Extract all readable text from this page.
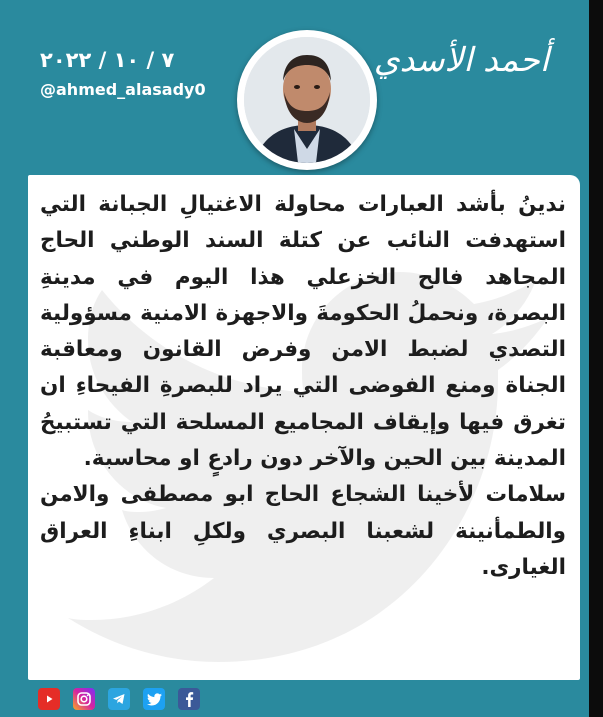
أحمد الأسدي
٧ / ١٠ / ٢٠٢٢
@ahmed_alasady0

ندينُ بأشد العبارات محاولة الاغتيالِ الجبانة التي استهدفت النائب عن كتلة السند الوطني الحاج المجاهد فالح الخزعلي هذا اليوم في مدينةِ البصرة، ونحملُ الحكومةَ والاجهزة الامنية مسؤولية التصدي لضبط الامن وفرض القانون ومعاقبة الجناة ومنع الفوضى التي يراد للبصرةِ الفيحاءِ ان تغرق فيها وإيقاف المجاميع المسلحة التي تستبيحُ المدينة بين الحين والآخر دون رادعٍ او محاسبة.

سلامات لأخينا الشجاع الحاج ابو مصطفى والامن والطمأنينة لشعبنا البصري ولكلِ ابناءِ العراق الغيارى.
